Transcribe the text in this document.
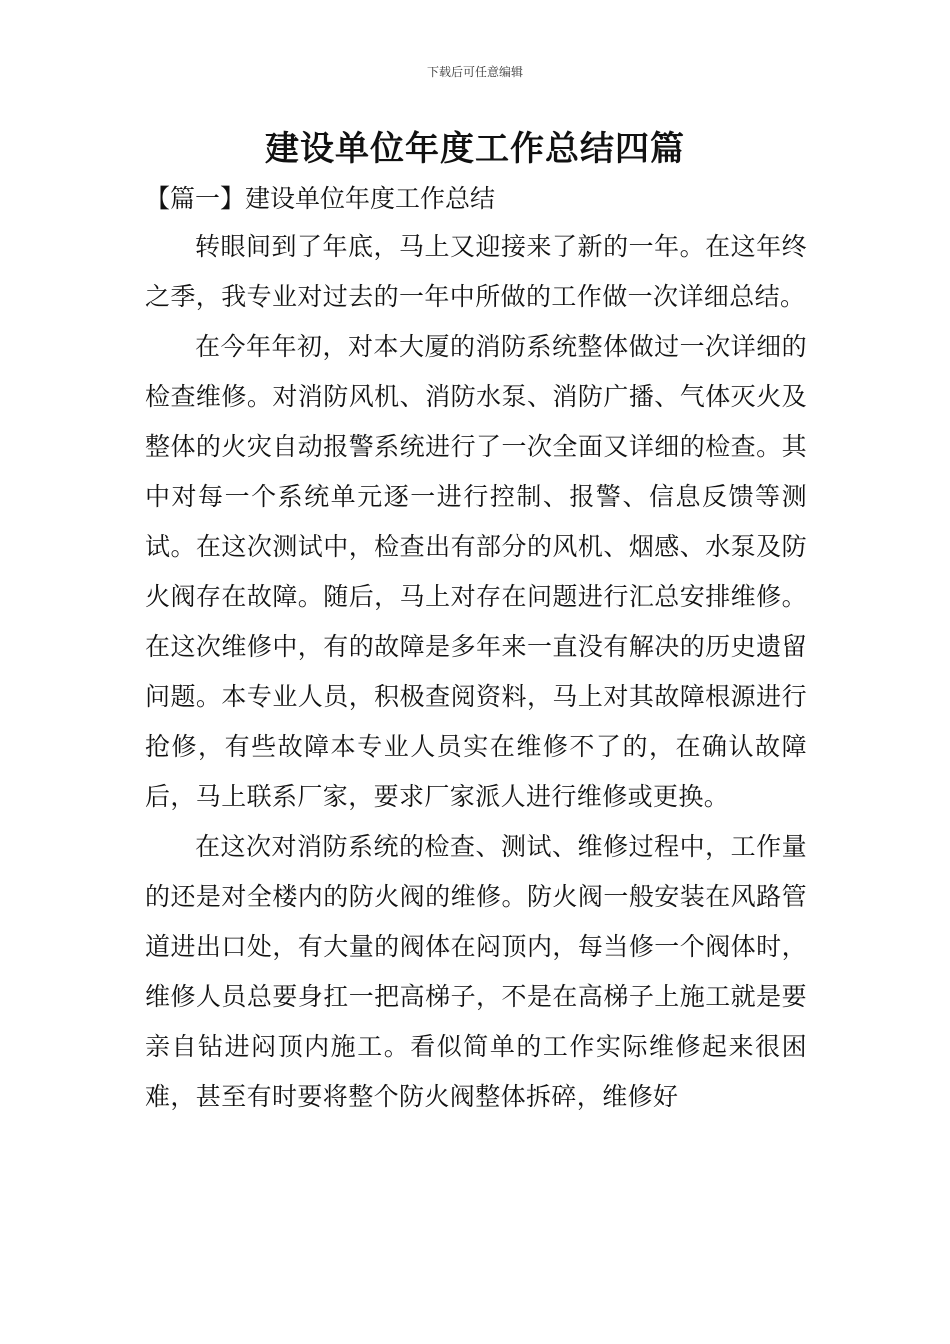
下载后可任意编辑
建设单位年度工作总结四篇
【篇一】建设单位年度工作总结

转眼间到了年底，马上又迎接来了新的一年。在这年终之季，我专业对过去的一年中所做的工作做一次详细总结。

在今年年初，对本大厦的消防系统整体做过一次详细的检查维修。对消防风机、消防水泵、消防广播、气体灭火及整体的火灾自动报警系统进行了一次全面又详细的检查。其中对每一个系统单元逐一进行控制、报警、信息反馈等测试。在这次测试中，检查出有部分的风机、烟感、水泵及防火阀存在故障。随后，马上对存在问题进行汇总安排维修。在这次维修中，有的故障是多年来一直没有解决的历史遗留问题。本专业人员，积极查阅资料，马上对其故障根源进行抢修，有些故障本专业人员实在维修不了的，在确认故障后，马上联系厂家，要求厂家派人进行维修或更换。

在这次对消防系统的检查、测试、维修过程中，工作量的还是对全楼内的防火阀的维修。防火阀一般安装在风路管道进出口处，有大量的阀体在闷顶内，每当修一个阀体时，维修人员总要身扛一把高梯子，不是在高梯子上施工就是要亲自钻进闷顶内施工。看似简单的工作实际维修起来很困难，甚至有时要将整个防火阀整体拆碎，维修好
